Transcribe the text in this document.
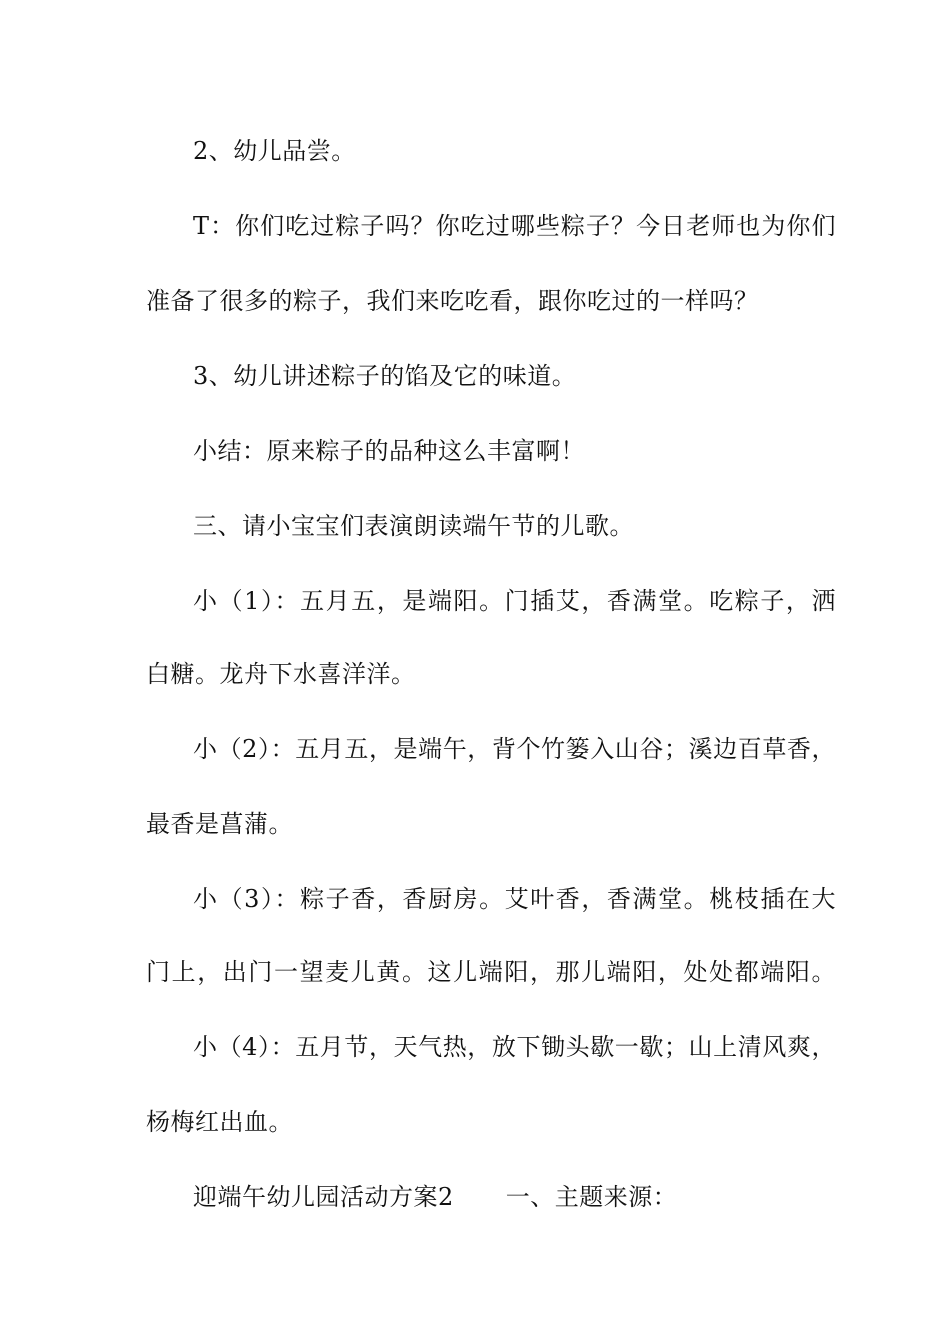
2、幼儿品尝。
T：你们吃过粽子吗？你吃过哪些粽子？今日老师也为你们
准备了很多的粽子，我们来吃吃看，跟你吃过的一样吗？
3、幼儿讲述粽子的馅及它的味道。
小结：原来粽子的品种这么丰富啊！
三、请小宝宝们表演朗读端午节的儿歌。
小（1）：五月五，是端阳。门插艾，香满堂。吃粽子，洒
白糖。龙舟下水喜洋洋。
小（2）：五月五，是端午，背个竹篓入山谷；溪边百草香，
最香是菖蒲。
小（3）：粽子香，香厨房。艾叶香，香满堂。桃枝插在大
门上，出门一望麦儿黄。这儿端阳，那儿端阳，处处都端阳。
小（4）：五月节，天气热，放下锄头歇一歇；山上清风爽，
杨梅红出血。
迎端午幼儿园活动方案2 一、主题来源：
